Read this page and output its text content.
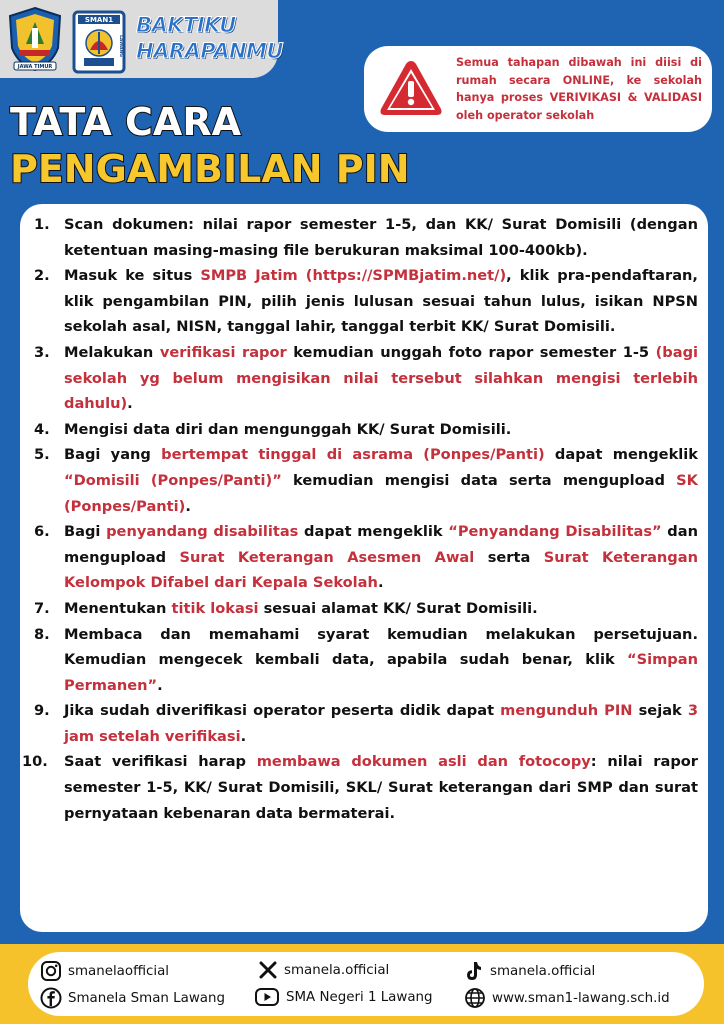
JAWA TIMUR
SMAN1
LAWANG
BAKTIKU
HARAPANMU	Semua tahapan dibawah ini diisi di rumah secara ONLINE, ke sekolah hanya proses VERIVIKASI & VALIDASI oleh operator sekolah
TATA CARA
PENGAMBILAN PIN
1. Scan dokumen: nilai rapor semester 1-5, dan KK/ Surat Domisili (dengan ketentuan masing-masing file berukuran maksimal 100-400kb).
2. Masuk ke situs SMPB Jatim (https://SPMBjatim.net/), klik pra-pendaftaran, klik pengambilan PIN, pilih jenis lulusan sesuai tahun lulus, isikan NPSN sekolah asal, NISN, tanggal lahir, tanggal terbit KK/ Surat Domisili.
3. Melakukan verifikasi rapor kemudian unggah foto rapor semester 1-5 (bagi sekolah yg belum mengisikan nilai tersebut silahkan mengisi terlebih dahulu).
4. Mengisi data diri dan mengunggah KK/ Surat Domisili.
5. Bagi yang bertempat tinggal di asrama (Ponpes/Panti) dapat mengeklik “Domisili (Ponpes/Panti)” kemudian mengisi data serta mengupload SK (Ponpes/Panti).
6. Bagi penyandang disabilitas dapat mengeklik “Penyandang Disabilitas” dan mengupload Surat Keterangan Asesmen Awal serta Surat Keterangan Kelompok Difabel dari Kepala Sekolah.
7. Menentukan titik lokasi sesuai alamat KK/ Surat Domisili.
8. Membaca dan memahami syarat kemudian melakukan persetujuan. Kemudian mengecek kembali data, apabila sudah benar, klik “Simpan Permanen”.
9. Jika sudah diverifikasi operator peserta didik dapat mengunduh PIN sejak 3 jam setelah verifikasi.
10. Saat verifikasi harap membawa dokumen asli dan fotocopy: nilai rapor semester 1-5, KK/ Surat Domisili, SKL/ Surat keterangan dari SMP dan surat pernyataan kebenaran data bermaterai.
smanelaofficial	smanela.official	smanela.official
Smanela Sman Lawang	SMA Negeri 1 Lawang	www.sman1-lawang.sch.id
